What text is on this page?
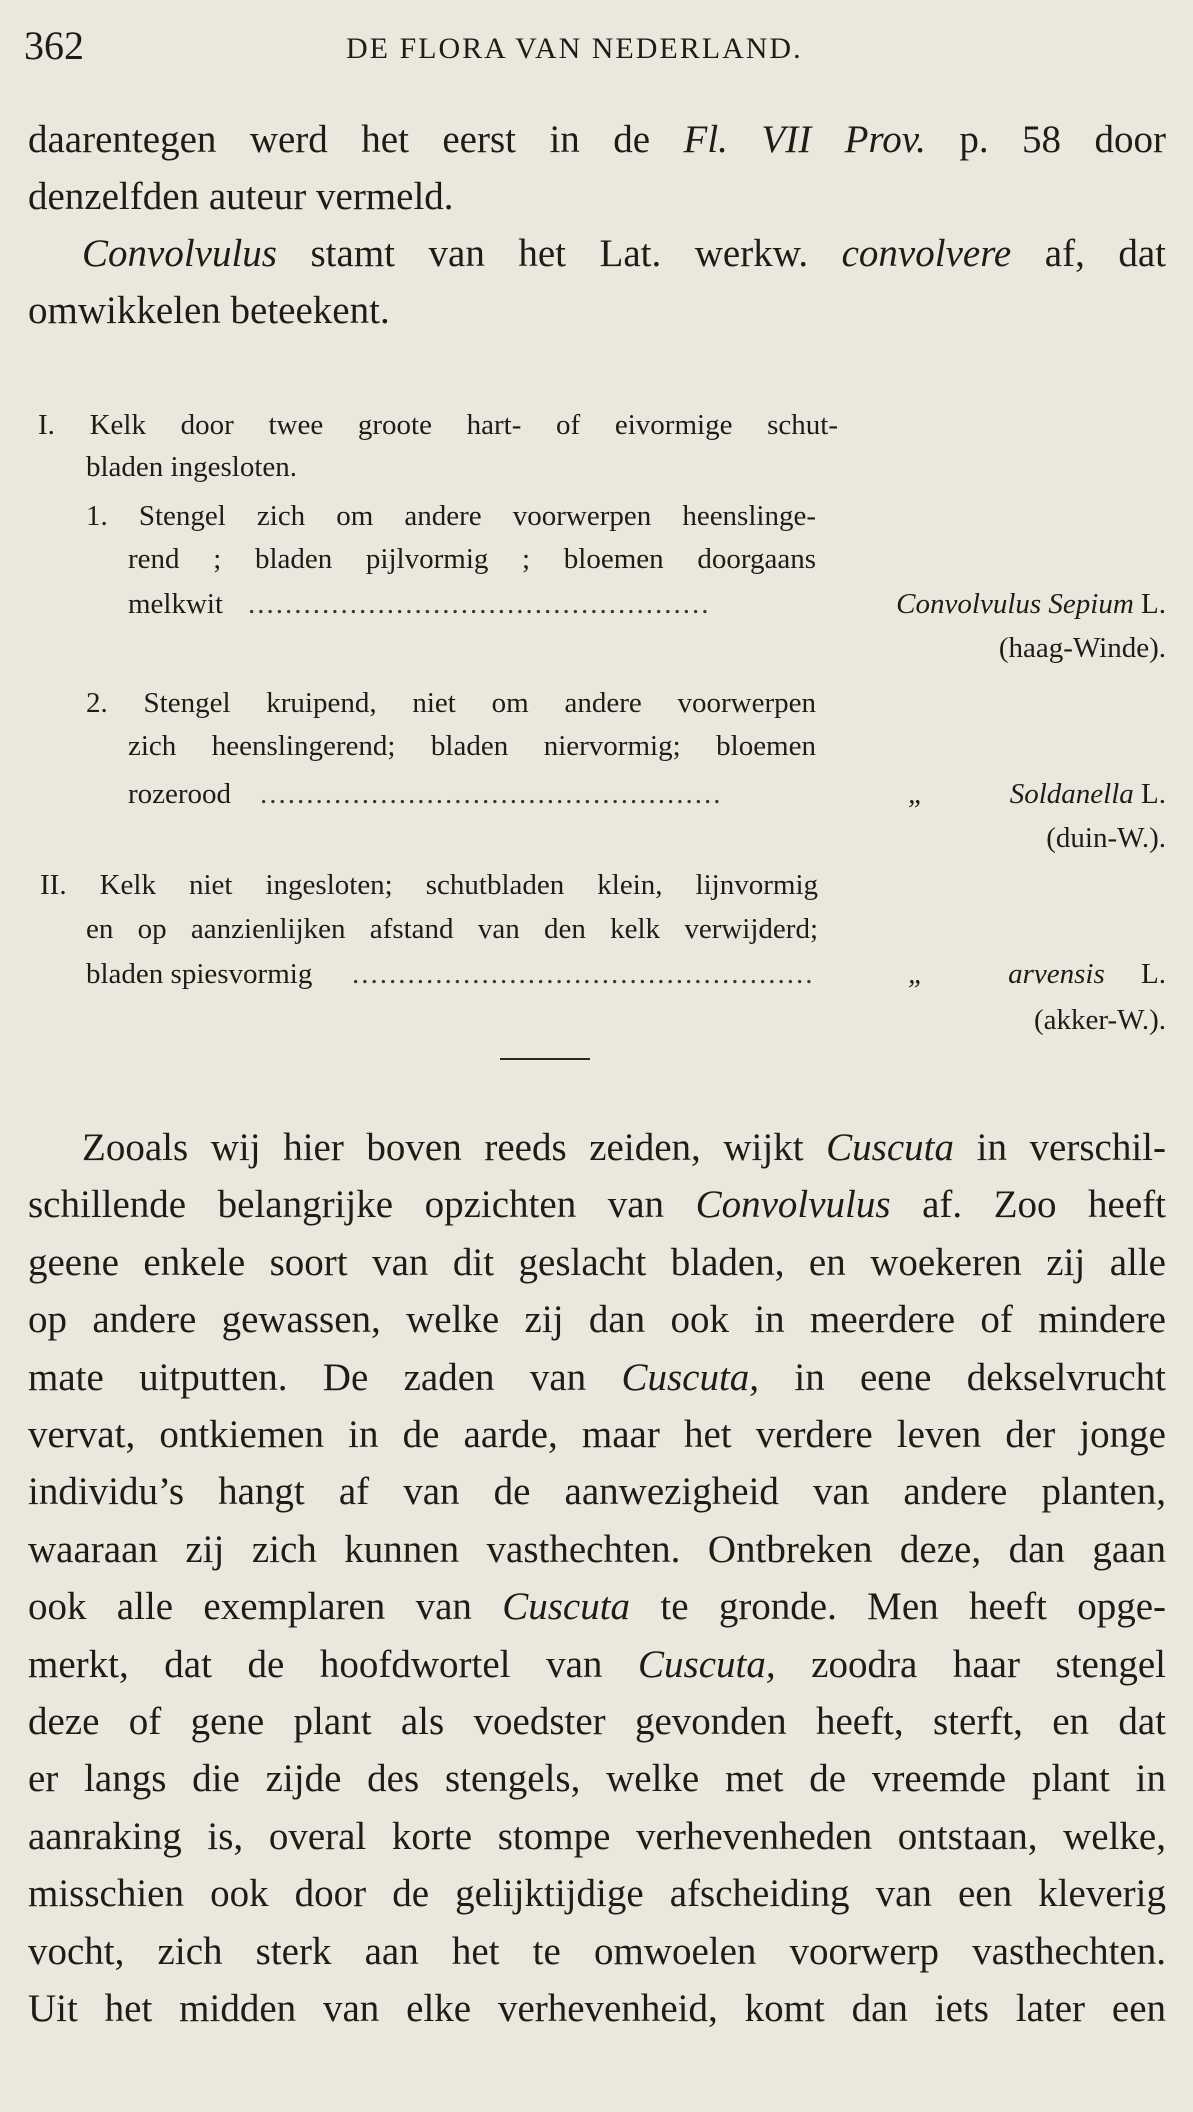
362	DE FLORA VAN NEDERLAND.
daarentegen werd het eerst in de Fl. VII Prov. p. 58 door
denzelfden auteur vermeld.
Convolvulus stamt van het Lat. werkw. convolvere af, dat
omwikkelen beteekent.
I. Kelk door twee groote hart- of eivormige schut-
bladen ingesloten.
1. Stengel zich om andere voorwerpen heenslinge-
rend ; bladen pijlvormig ; bloemen doorgaans
melkwit ..................................................	Convolvulus Sepium L.
(haag-Winde).
2. Stengel kruipend, niet om andere voorwerpen
zich heenslingerend; bladen niervormig; bloemen
rozerood ..................................................	„	Soldanella L.
(duin-W.).
II. Kelk niet ingesloten; schutbladen klein, lijnvormig
en op aanzienlijken afstand van den kelk verwijderd;
bladen spiesvormig ..................................................	„	arvensis L.
(akker-W.).
Zooals wij hier boven reeds zeiden, wijkt Cuscuta in verschil-
schillende belangrijke opzichten van Convolvulus af. Zoo heeft
geene enkele soort van dit geslacht bladen, en woekeren zij alle
op andere gewassen, welke zij dan ook in meerdere of mindere
mate uitputten. De zaden van Cuscuta, in eene dekselvrucht
vervat, ontkiemen in de aarde, maar het verdere leven der jonge
individu’s hangt af van de aanwezigheid van andere planten,
waaraan zij zich kunnen vasthechten. Ontbreken deze, dan gaan
ook alle exemplaren van Cuscuta te gronde. Men heeft opge-
merkt, dat de hoofdwortel van Cuscuta, zoodra haar stengel
deze of gene plant als voedster gevonden heeft, sterft, en dat
er langs die zijde des stengels, welke met de vreemde plant in
aanraking is, overal korte stompe verhevenheden ontstaan, welke,
misschien ook door de gelijktijdige afscheiding van een kleverig
vocht, zich sterk aan het te omwoelen voorwerp vasthechten.
Uit het midden van elke verhevenheid, komt dan iets later een
